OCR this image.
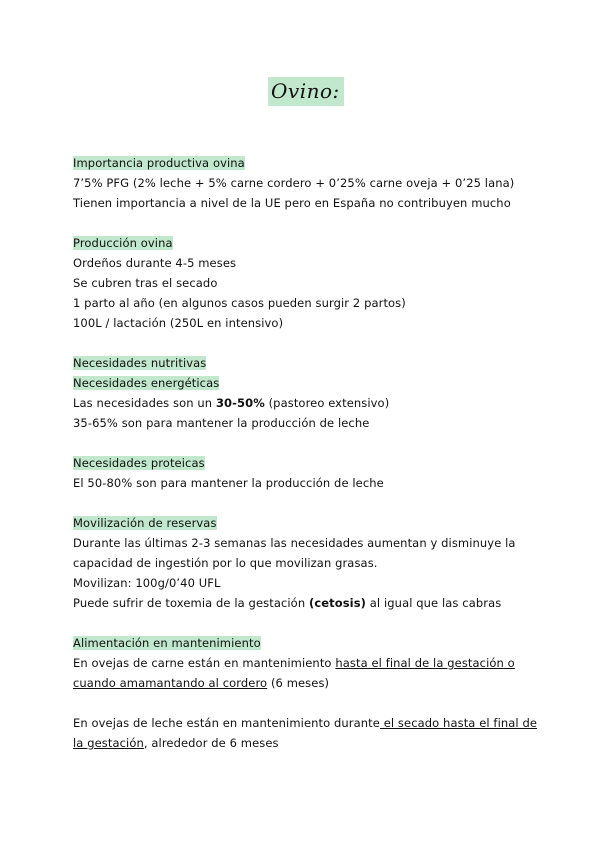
Ovino:
Importancia productiva ovina
7’5% PFG (2% leche + 5% carne cordero + 0’25% carne oveja + 0’25 lana)
Tienen importancia a nivel de la UE pero en España no contribuyen mucho
Producción ovina
Ordeños durante 4-5 meses
Se cubren tras el secado
1 parto al año (en algunos casos pueden surgir 2 partos)
100L / lactación (250L en intensivo)
Necesidades nutritivas
Necesidades energéticas
Las necesidades son un 30-50% (pastoreo extensivo)
35-65% son para mantener la producción de leche
Necesidades proteicas
El 50-80% son para mantener la producción de leche
Movilización de reservas
Durante las últimas 2-3 semanas las necesidades aumentan y disminuye la
capacidad de ingestión por lo que movilizan grasas.
Movilizan: 100g/0’40 UFL
Puede sufrir de toxemia de la gestación (cetosis) al igual que las cabras
Alimentación en mantenimiento
En ovejas de carne están en mantenimiento hasta el final de la gestación o
cuando amamantando al cordero (6 meses)
En ovejas de leche están en mantenimiento durante el secado hasta el final de
la gestación, alrededor de 6 meses
